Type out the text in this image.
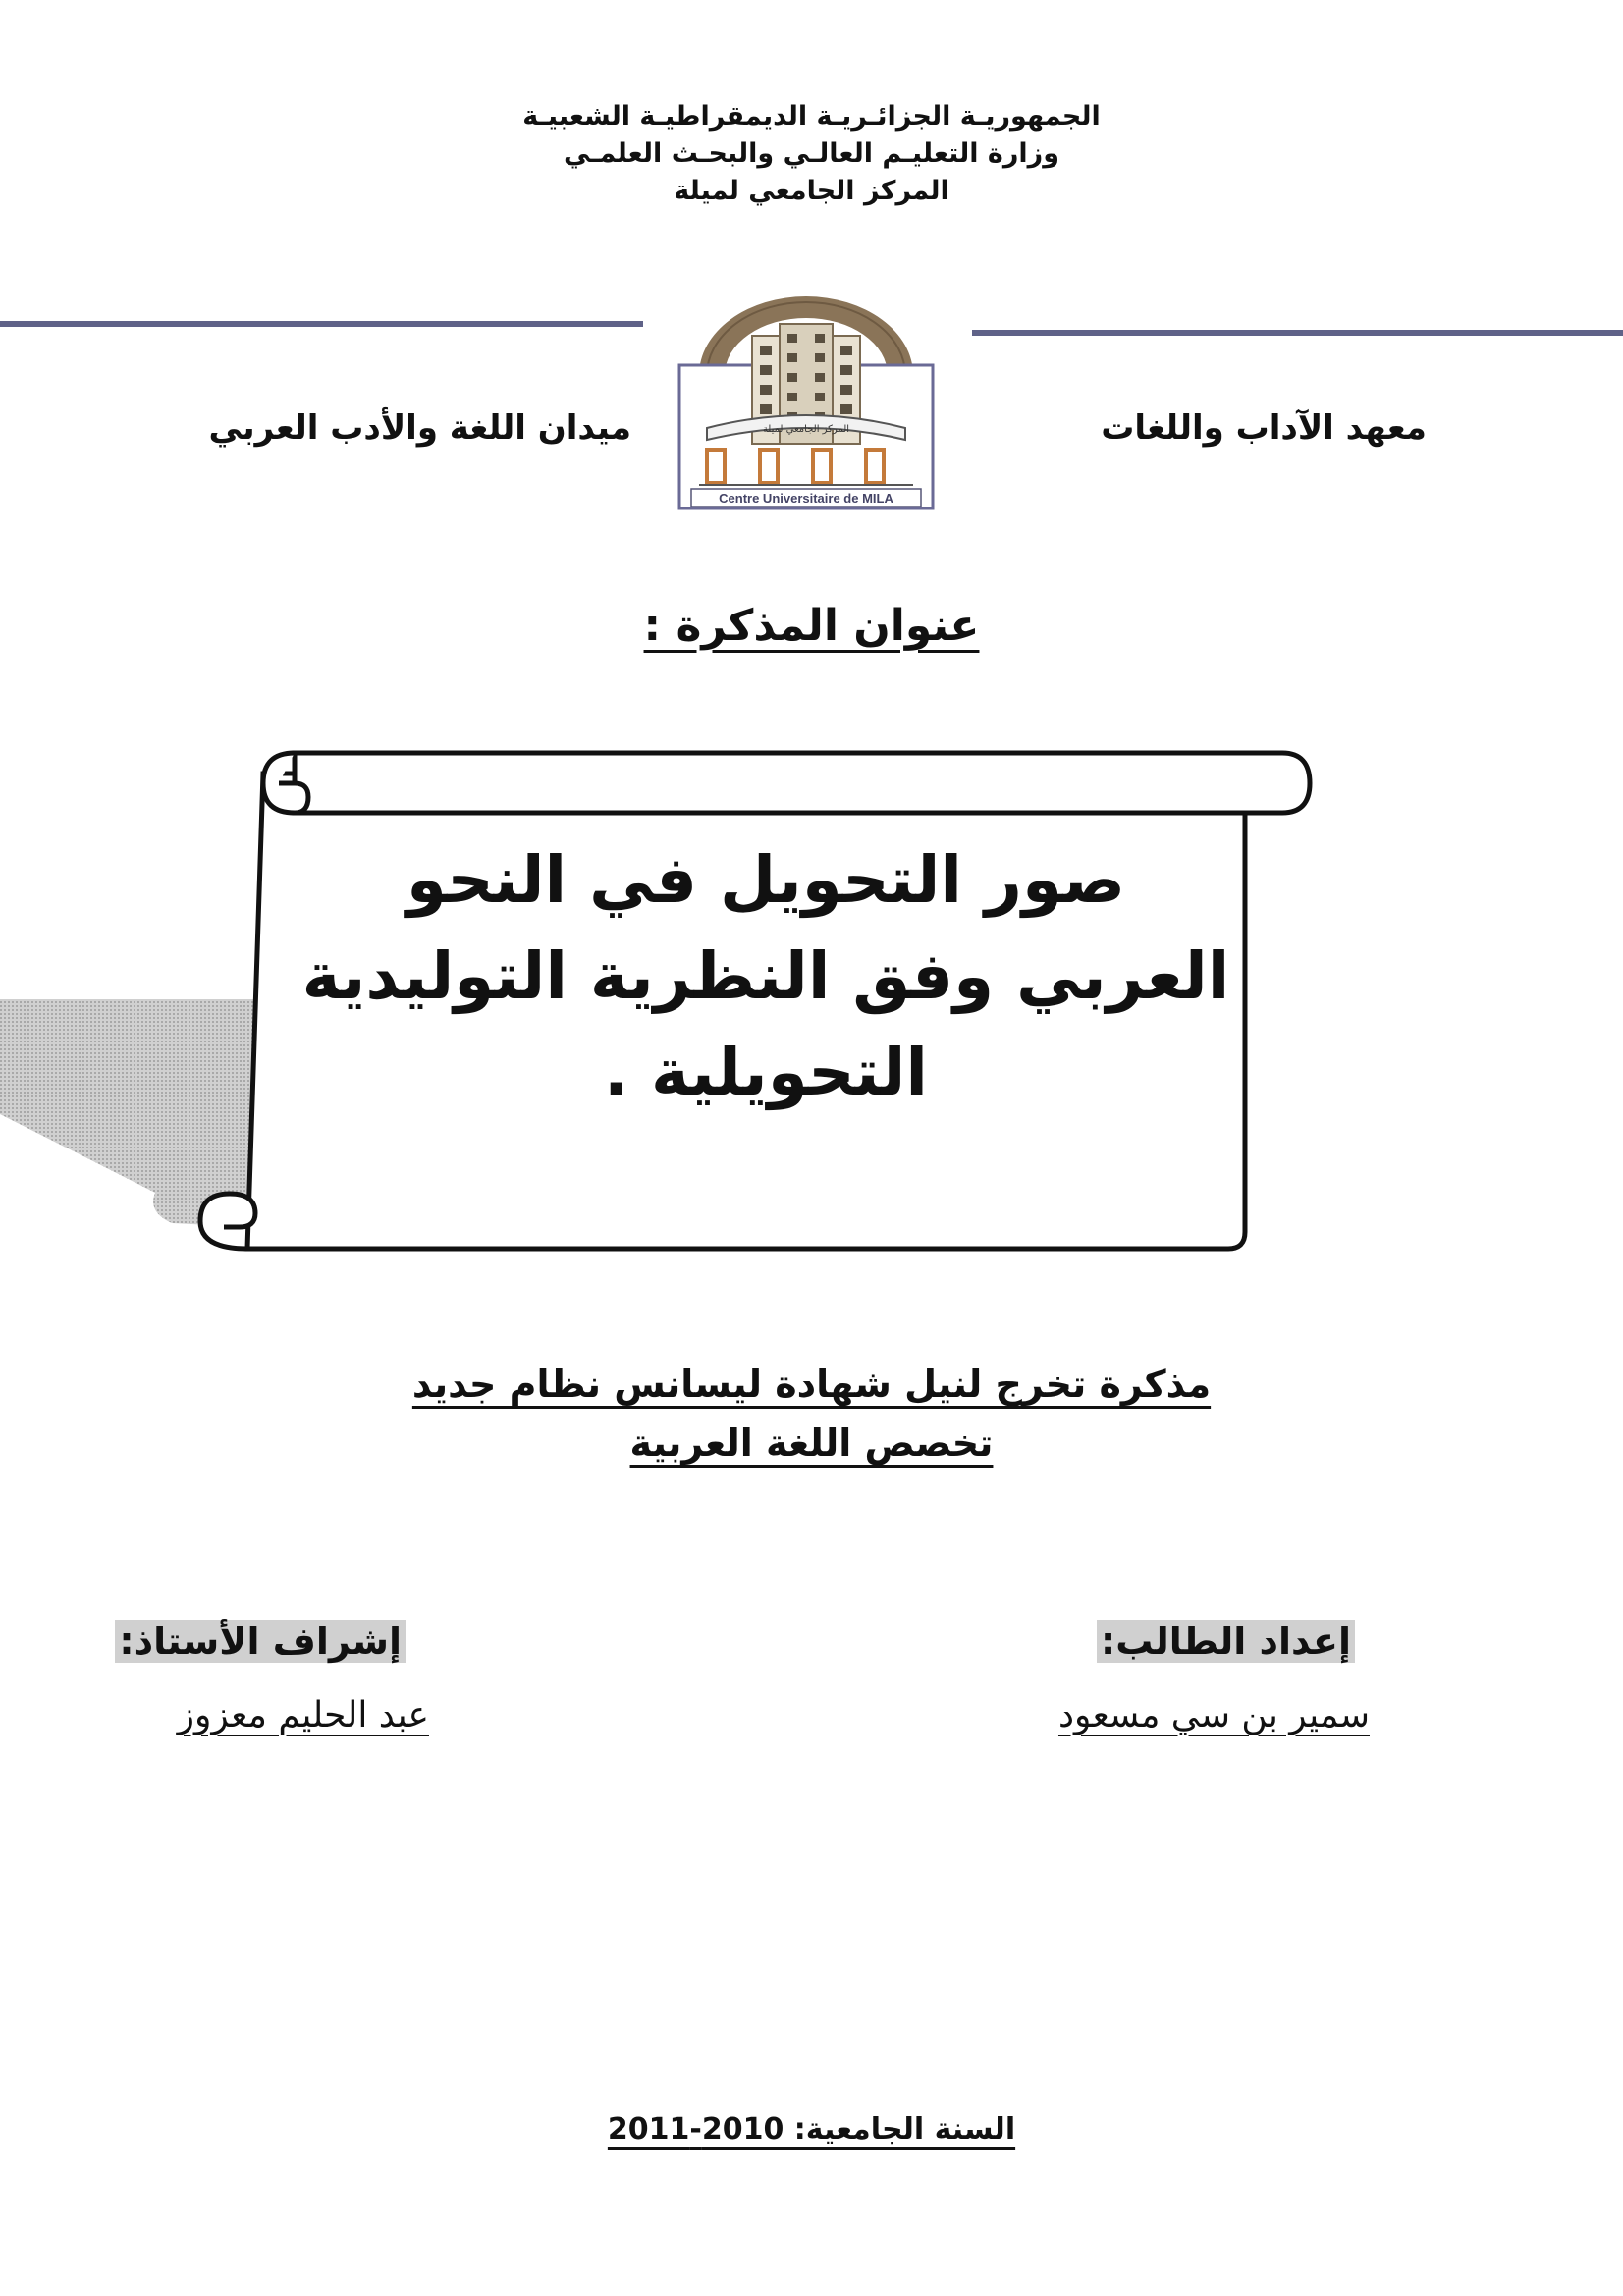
الجمهوريـة الجزائـريـة الديمقراطيـة الشعبيـة
وزارة التعليـم العالـي والبحـث العلمـي
المركز الجامعي لميلة
المركز الجامعي لميلة
Centre Universitaire de MILA
ميدان اللغة والأدب العربي	معهد الآداب واللغات
عنوان المذكرة :
صور التحويل في النحو
العربي وفق النظرية التوليدية
التحويلية .
مذكرة تخرج لنيل شهادة ليسانس نظام جديد
تخصص اللغة العربية
إعداد الطالب:
إشراف الأستاذ:
سمير بن سي مسعود
عبد الحليم معزوز
السنة الجامعية: 2010-2011
